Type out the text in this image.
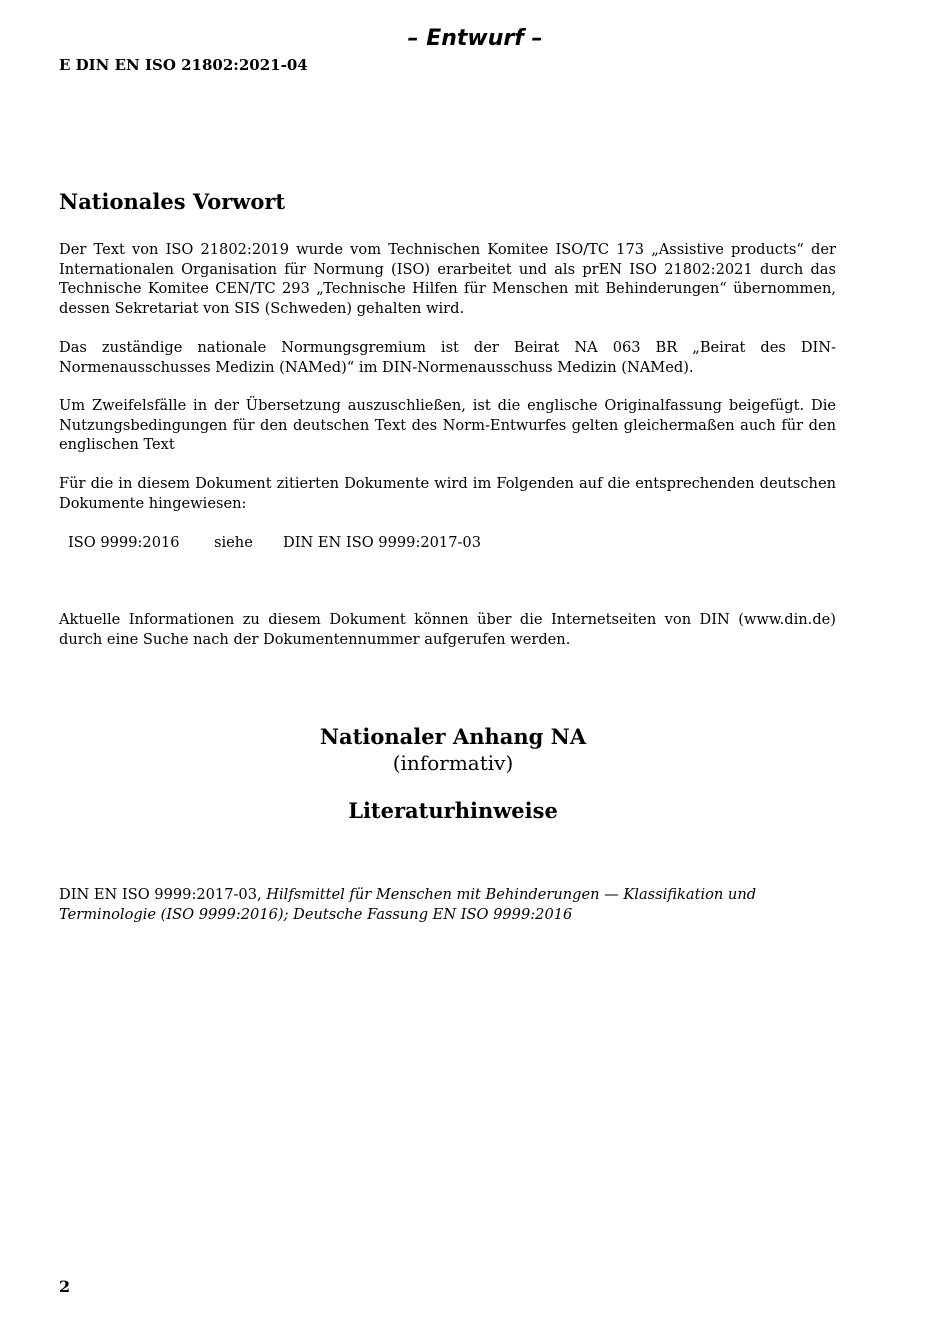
– Entwurf –
E DIN EN ISO 21802:2021-04
Nationales Vorwort
Der Text von ISO 21802:2019 wurde vom Technischen Komitee ISO/TC 173 „Assistive products“ der Internationalen Organisation für Normung (ISO) erarbeitet und als prEN ISO 21802:2021 durch das Technische Komitee CEN/TC 293 „Technische Hilfen für Menschen mit Behinderungen“ übernommen, dessen Sekretariat von SIS (Schweden) gehalten wird.
Das zuständige nationale Normungsgremium ist der Beirat NA 063 BR „Beirat des DIN-Normenausschusses Medizin (NAMed)“ im DIN-Normenausschuss Medizin (NAMed).
Um Zweifelsfälle in der Übersetzung auszuschließen, ist die englische Originalfassung beigefügt. Die Nutzungsbedingungen für den deutschen Text des Norm-Entwurfes gelten gleichermaßen auch für den englischen Text
Für die in diesem Dokument zitierten Dokumente wird im Folgenden auf die entsprechenden deutschen Dokumente hingewiesen:
ISO 9999:2016 siehe DIN EN ISO 9999:2017-03
Aktuelle Informationen zu diesem Dokument können über die Internetseiten von DIN (www.din.de) durch eine Suche nach der Dokumentennummer aufgerufen werden.
Nationaler Anhang NA
(informativ)
Literaturhinweise
DIN EN ISO 9999:2017-03, Hilfsmittel für Menschen mit Behinderungen — Klassifikation und Terminologie (ISO 9999:2016); Deutsche Fassung EN ISO 9999:2016
2
